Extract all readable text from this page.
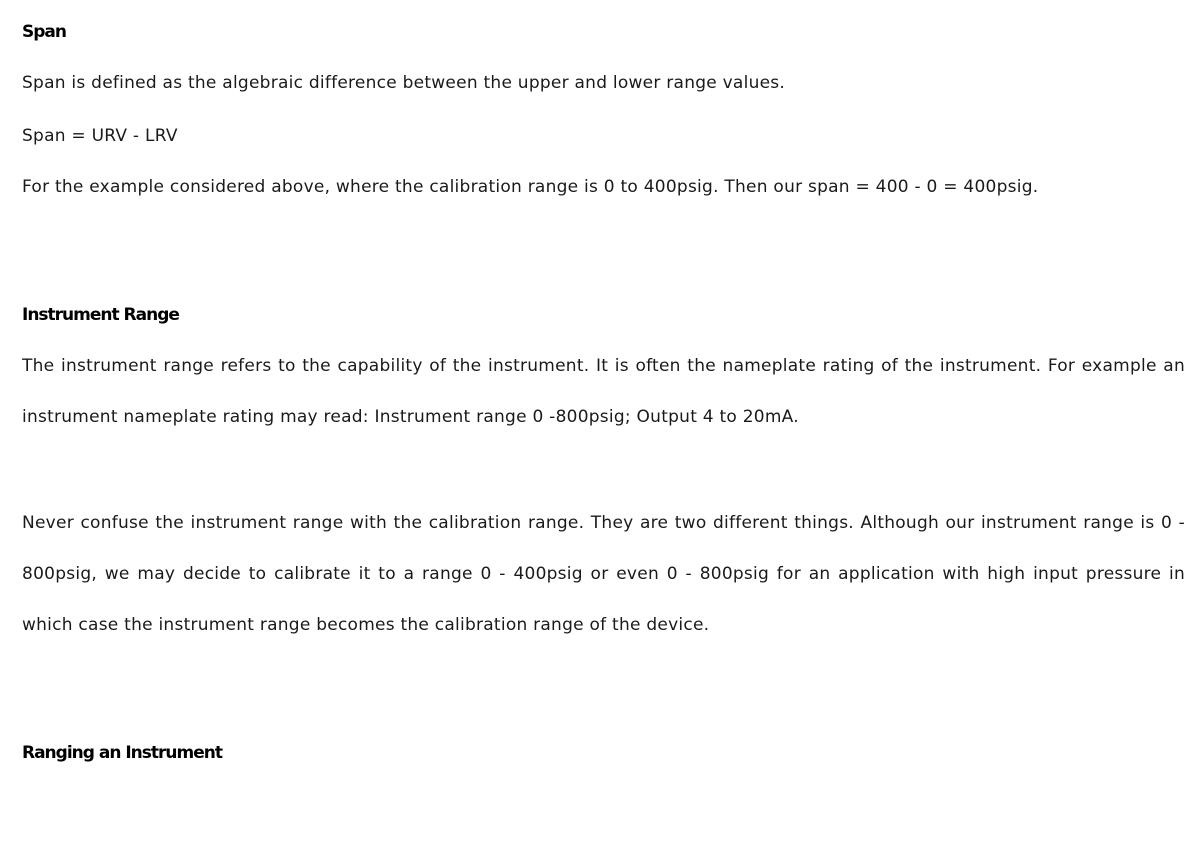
Span

Span is defined as the algebraic difference between the upper and lower range values.

Span = URV - LRV

For the example considered above, where the calibration range is 0 to 400psig. Then our span = 400 - 0 = 400psig.

Instrument Range

The instrument range refers to the capability of the instrument. It is often the nameplate rating of the instrument. For example an instrument nameplate rating may read: Instrument range 0 -800psig; Output 4 to 20mA.

Never confuse the instrument range with the calibration range. They are two different things. Although our instrument range is 0 - 800psig, we may decide to calibrate it to a range 0 - 400psig or even 0 - 800psig for an application with high input pressure in which case the instrument range becomes the calibration range of the device.

Ranging an Instrument
